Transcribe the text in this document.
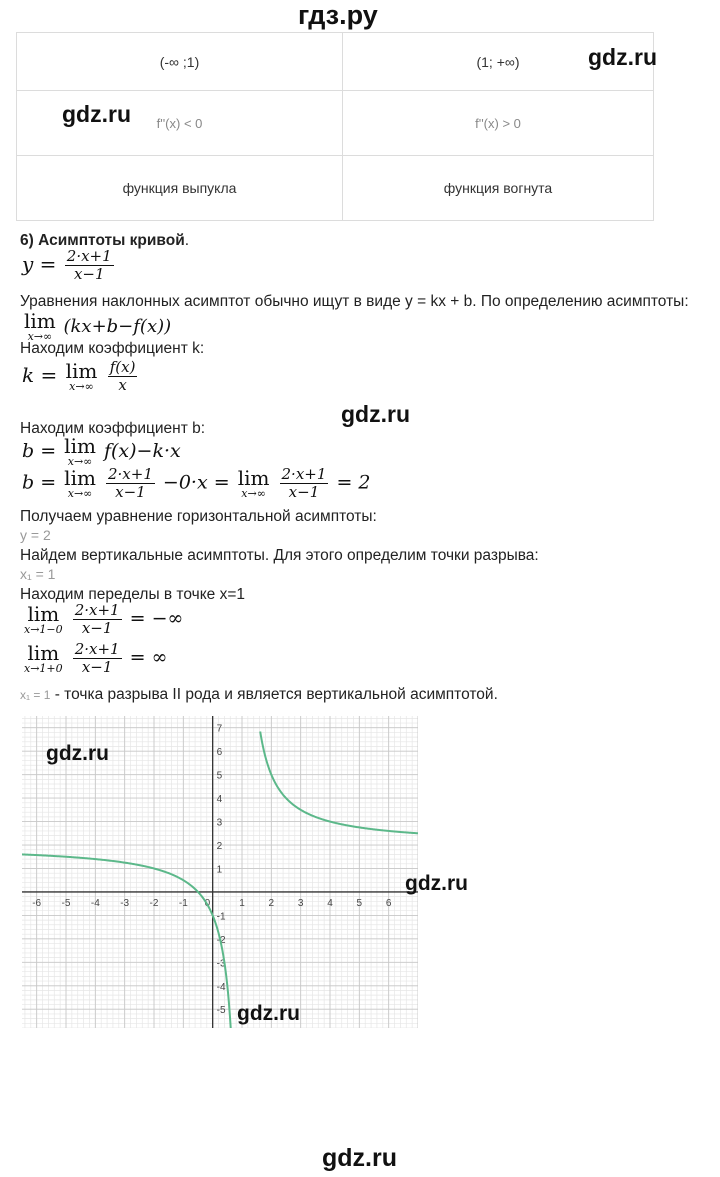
гдз.ру
(-∞ ;1)	(1; +∞)
f''(x) < 0	f''(x) > 0
функция выпукла	функция вогнута
gdz.ru
gdz.ru
6) Асимптоты кривой.
$y = \frac{2\cdot x+1}{x-1}$
Уравнения наклонных асимптот обычно ищут в виде y = kx + b. По определению асимптоты:
lim
x→∞ (kx+b−f(x))
Находим коэффициент k:
k = lim
x→∞
$\frac{f(x)}{x}$
gdz.ru
Находим коэффициент b:
b = lim
x→∞ f(x)−k·x
b = lim
x→∞
$\frac{2\cdot x+1}{x-1} -0\cdot x = \lim$
x→∞
$\frac{2\cdot x+1}{x-1} = 2$
Получаем уравнение горизонтальной асимптоты:
y = 2
Найдем вертикальные асимптоты. Для этого определим точки разрыва:
x₁ = 1
Находим переделы в точке x=1
lim
x→1−0
$\frac{2\cdot x+1}{x-1}$ = −∞
lim
x→1+0
$\frac{2\cdot x+1}{x-1}$ = ∞
x₁ = 1 - точка разрыва II рода и является вертикальной асимптотой.
-6 -5 -4 -3 -2 -1	1 2 3 4 5 6
-5
-4
-3
-2
-1
1
2
3
4
5
6
7
0
gdz.ru
gdz.ru
gdz.ru
gdz.ru
